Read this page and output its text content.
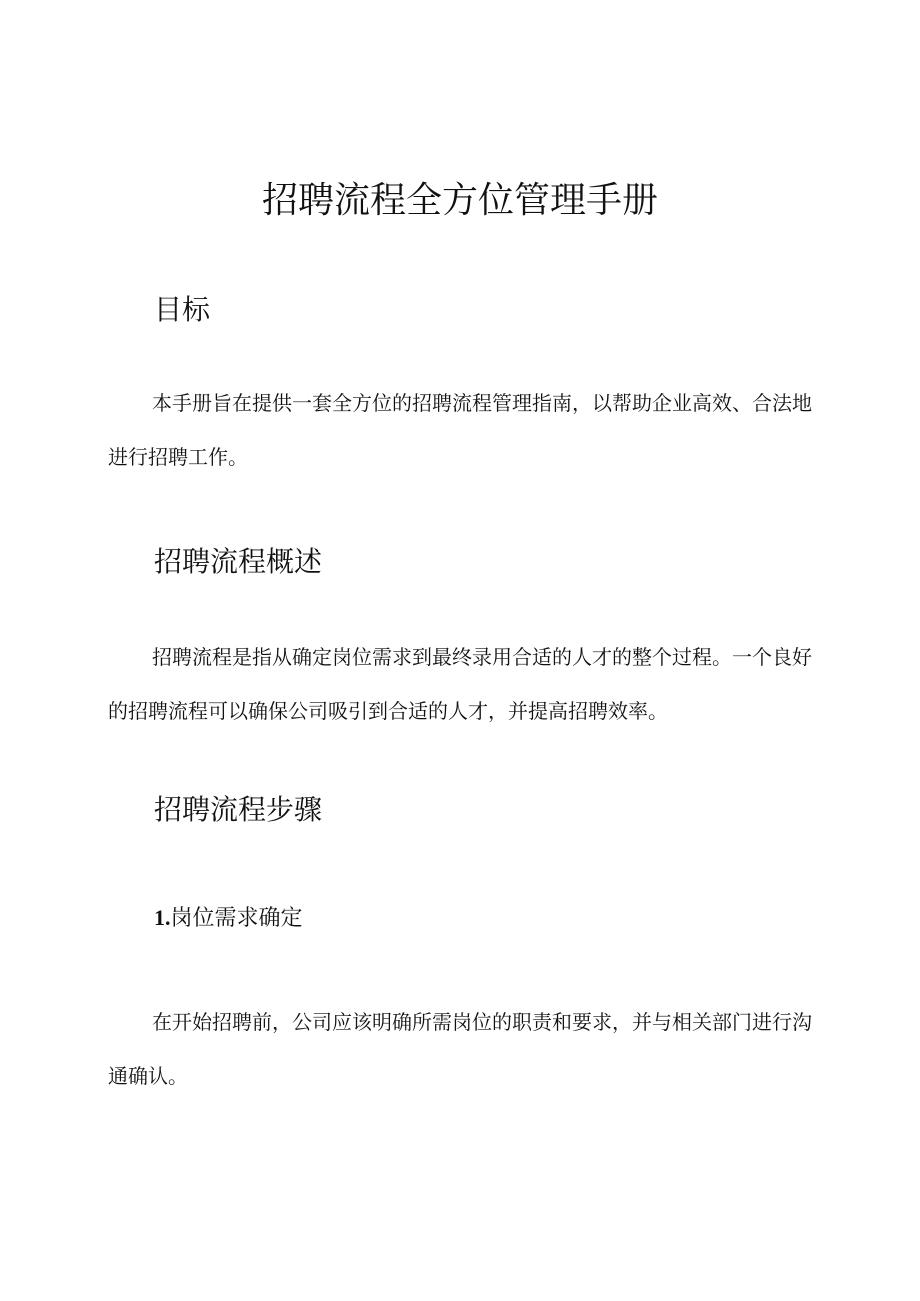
招聘流程全方位管理手册
目标

本手册旨在提供一套全方位的招聘流程管理指南，以帮助企业高效、合法地进行招聘工作。

招聘流程概述

招聘流程是指从确定岗位需求到最终录用合适的人才的整个过程。一个良好的招聘流程可以确保公司吸引到合适的人才，并提高招聘效率。

招聘流程步骤
1.岗位需求确定

在开始招聘前，公司应该明确所需岗位的职责和要求，并与相关部门进行沟通确认。
